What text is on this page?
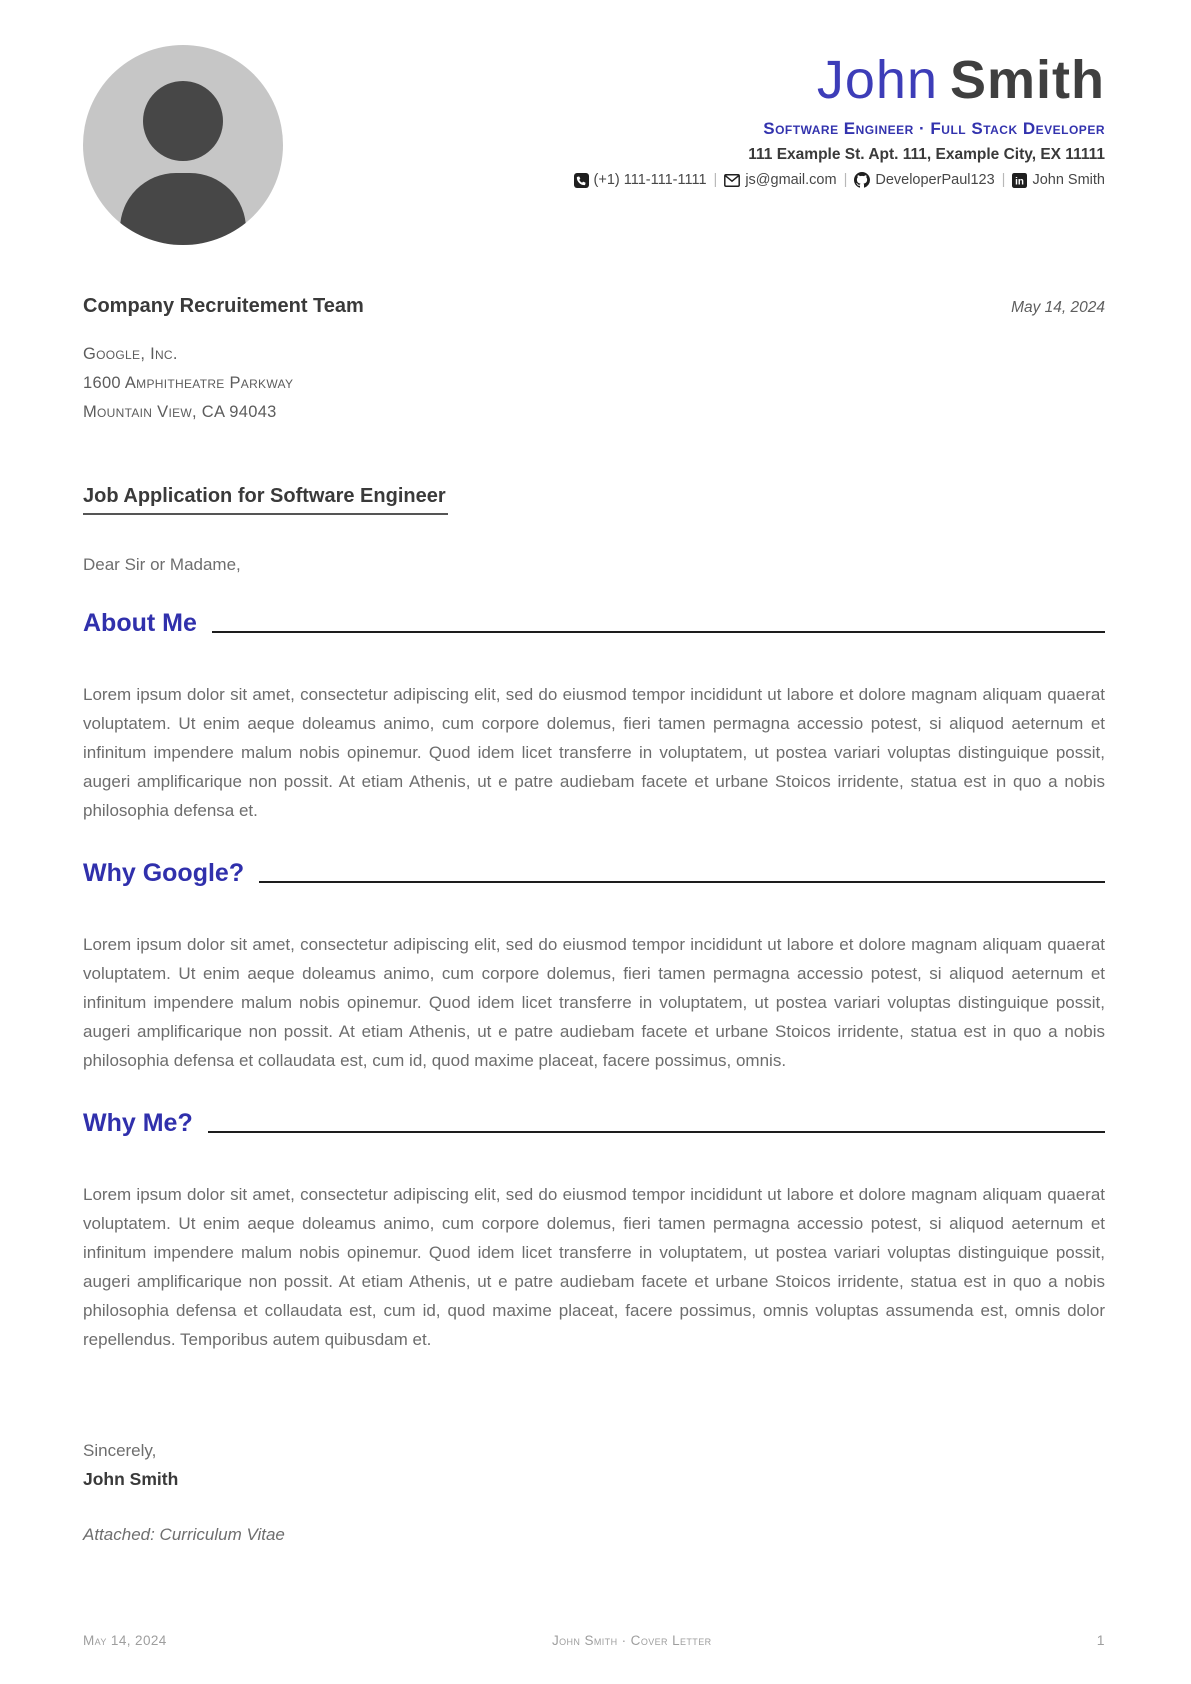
John Smith
Software Engineer · Full Stack Developer
111 Example St. Apt. 111, Example City, EX 11111
(+1) 111-111-1111 | js@gmail.com | DeveloperPaul123 | in John Smith
Company Recruitement Team	May 14, 2024
Google, Inc.
1600 Amphitheatre Parkway
Mountain View, CA 94043
Job Application for Software Engineer
Dear Sir or Madame,
About Me
Lorem ipsum dolor sit amet, consectetur adipiscing elit, sed do eiusmod tempor incididunt ut labore et dolore magnam aliquam quaerat voluptatem. Ut enim aeque doleamus animo, cum corpore dolemus, fieri tamen permagna accessio potest, si aliquod aeternum et infinitum impendere malum nobis opinemur. Quod idem licet transferre in voluptatem, ut postea variari voluptas distinguique possit, augeri amplificarique non possit. At etiam Athenis, ut e patre audiebam facete et urbane Stoicos irridente, statua est in quo a nobis philosophia defensa et.
Why Google?
Lorem ipsum dolor sit amet, consectetur adipiscing elit, sed do eiusmod tempor incididunt ut labore et dolore magnam aliquam quaerat voluptatem. Ut enim aeque doleamus animo, cum corpore dolemus, fieri tamen permagna accessio potest, si aliquod aeternum et infinitum impendere malum nobis opinemur. Quod idem licet transferre in voluptatem, ut postea variari voluptas distinguique possit, augeri amplificarique non possit. At etiam Athenis, ut e patre audiebam facete et urbane Stoicos irridente, statua est in quo a nobis philosophia defensa et collaudata est, cum id, quod maxime placeat, facere possimus, omnis.
Why Me?
Lorem ipsum dolor sit amet, consectetur adipiscing elit, sed do eiusmod tempor incididunt ut labore et dolore magnam aliquam quaerat voluptatem. Ut enim aeque doleamus animo, cum corpore dolemus, fieri tamen permagna accessio potest, si aliquod aeternum et infinitum impendere malum nobis opinemur. Quod idem licet transferre in voluptatem, ut postea variari voluptas distinguique possit, augeri amplificarique non possit. At etiam Athenis, ut e patre audiebam facete et urbane Stoicos irridente, statua est in quo a nobis philosophia defensa et collaudata est, cum id, quod maxime placeat, facere possimus, omnis voluptas assumenda est, omnis dolor repellendus. Temporibus autem quibusdam et.
Sincerely,
John Smith
Attached: Curriculum Vitae
May 14, 2024	John Smith · Cover Letter	1
